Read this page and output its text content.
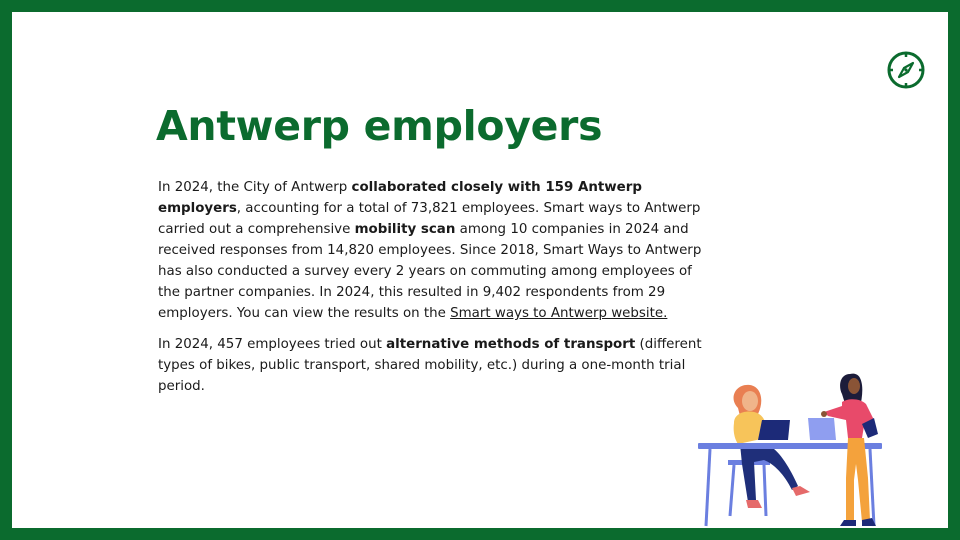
Antwerp employers

In 2024, the City of Antwerp collaborated closely with 159 Antwerp employers, accounting for a total of 73,821 employees. Smart ways to Antwerp carried out a comprehensive mobility scan among 10 companies in 2024 and received responses from 14,820 employees. Since 2018, Smart Ways to Antwerp has also conducted a survey every 2 years on commuting among employees of the partner companies. In 2024, this resulted in 9,402 respondents from 29 employers. You can view the results on the Smart ways to Antwerp website.

In 2024, 457 employees tried out alternative methods of transport (different types of bikes, public transport, shared mobility, etc.) during a one-month trial period.
